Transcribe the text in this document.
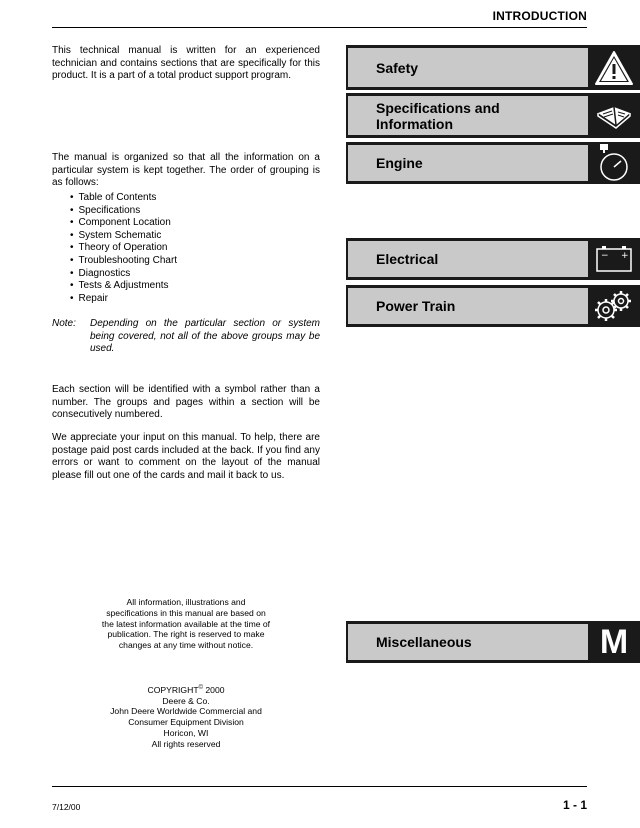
INTRODUCTION

This technical manual is written for an experienced technician and contains sections that are specifically for this product. It is a part of a total product support program.

The manual is organized so that all the information on a particular system is kept together. The order of grouping is as follows:

• Table of Contents
• Specifications
• Component Location
• System Schematic
• Theory of Operation
• Troubleshooting Chart
• Diagnostics
• Tests & Adjustments
• Repair
Note:	Depending on the particular section or system being covered, not all of the above groups may be used.

Each section will be identified with a symbol rather than a number. The groups and pages within a section will be consecutively numbered.

We appreciate your input on this manual. To help, there are postage paid post cards included at the back. If you find any errors or want to comment on the layout of the manual please fill out one of the cards and mail it back to us.

All information, illustrations and
specifications in this manual are based on
the latest information available at the time of
publication. The right is reserved to make
changes at any time without notice.
COPYRIGHT© 2000
Deere & Co.
John Deere Worldwide Commercial and
Consumer Equipment Division
Horicon, WI
All rights reserved
Safety
Specifications and
Information
Engine
Electrical	− +
Power Train
Miscellaneous	M
7/12/00	1 - 1
